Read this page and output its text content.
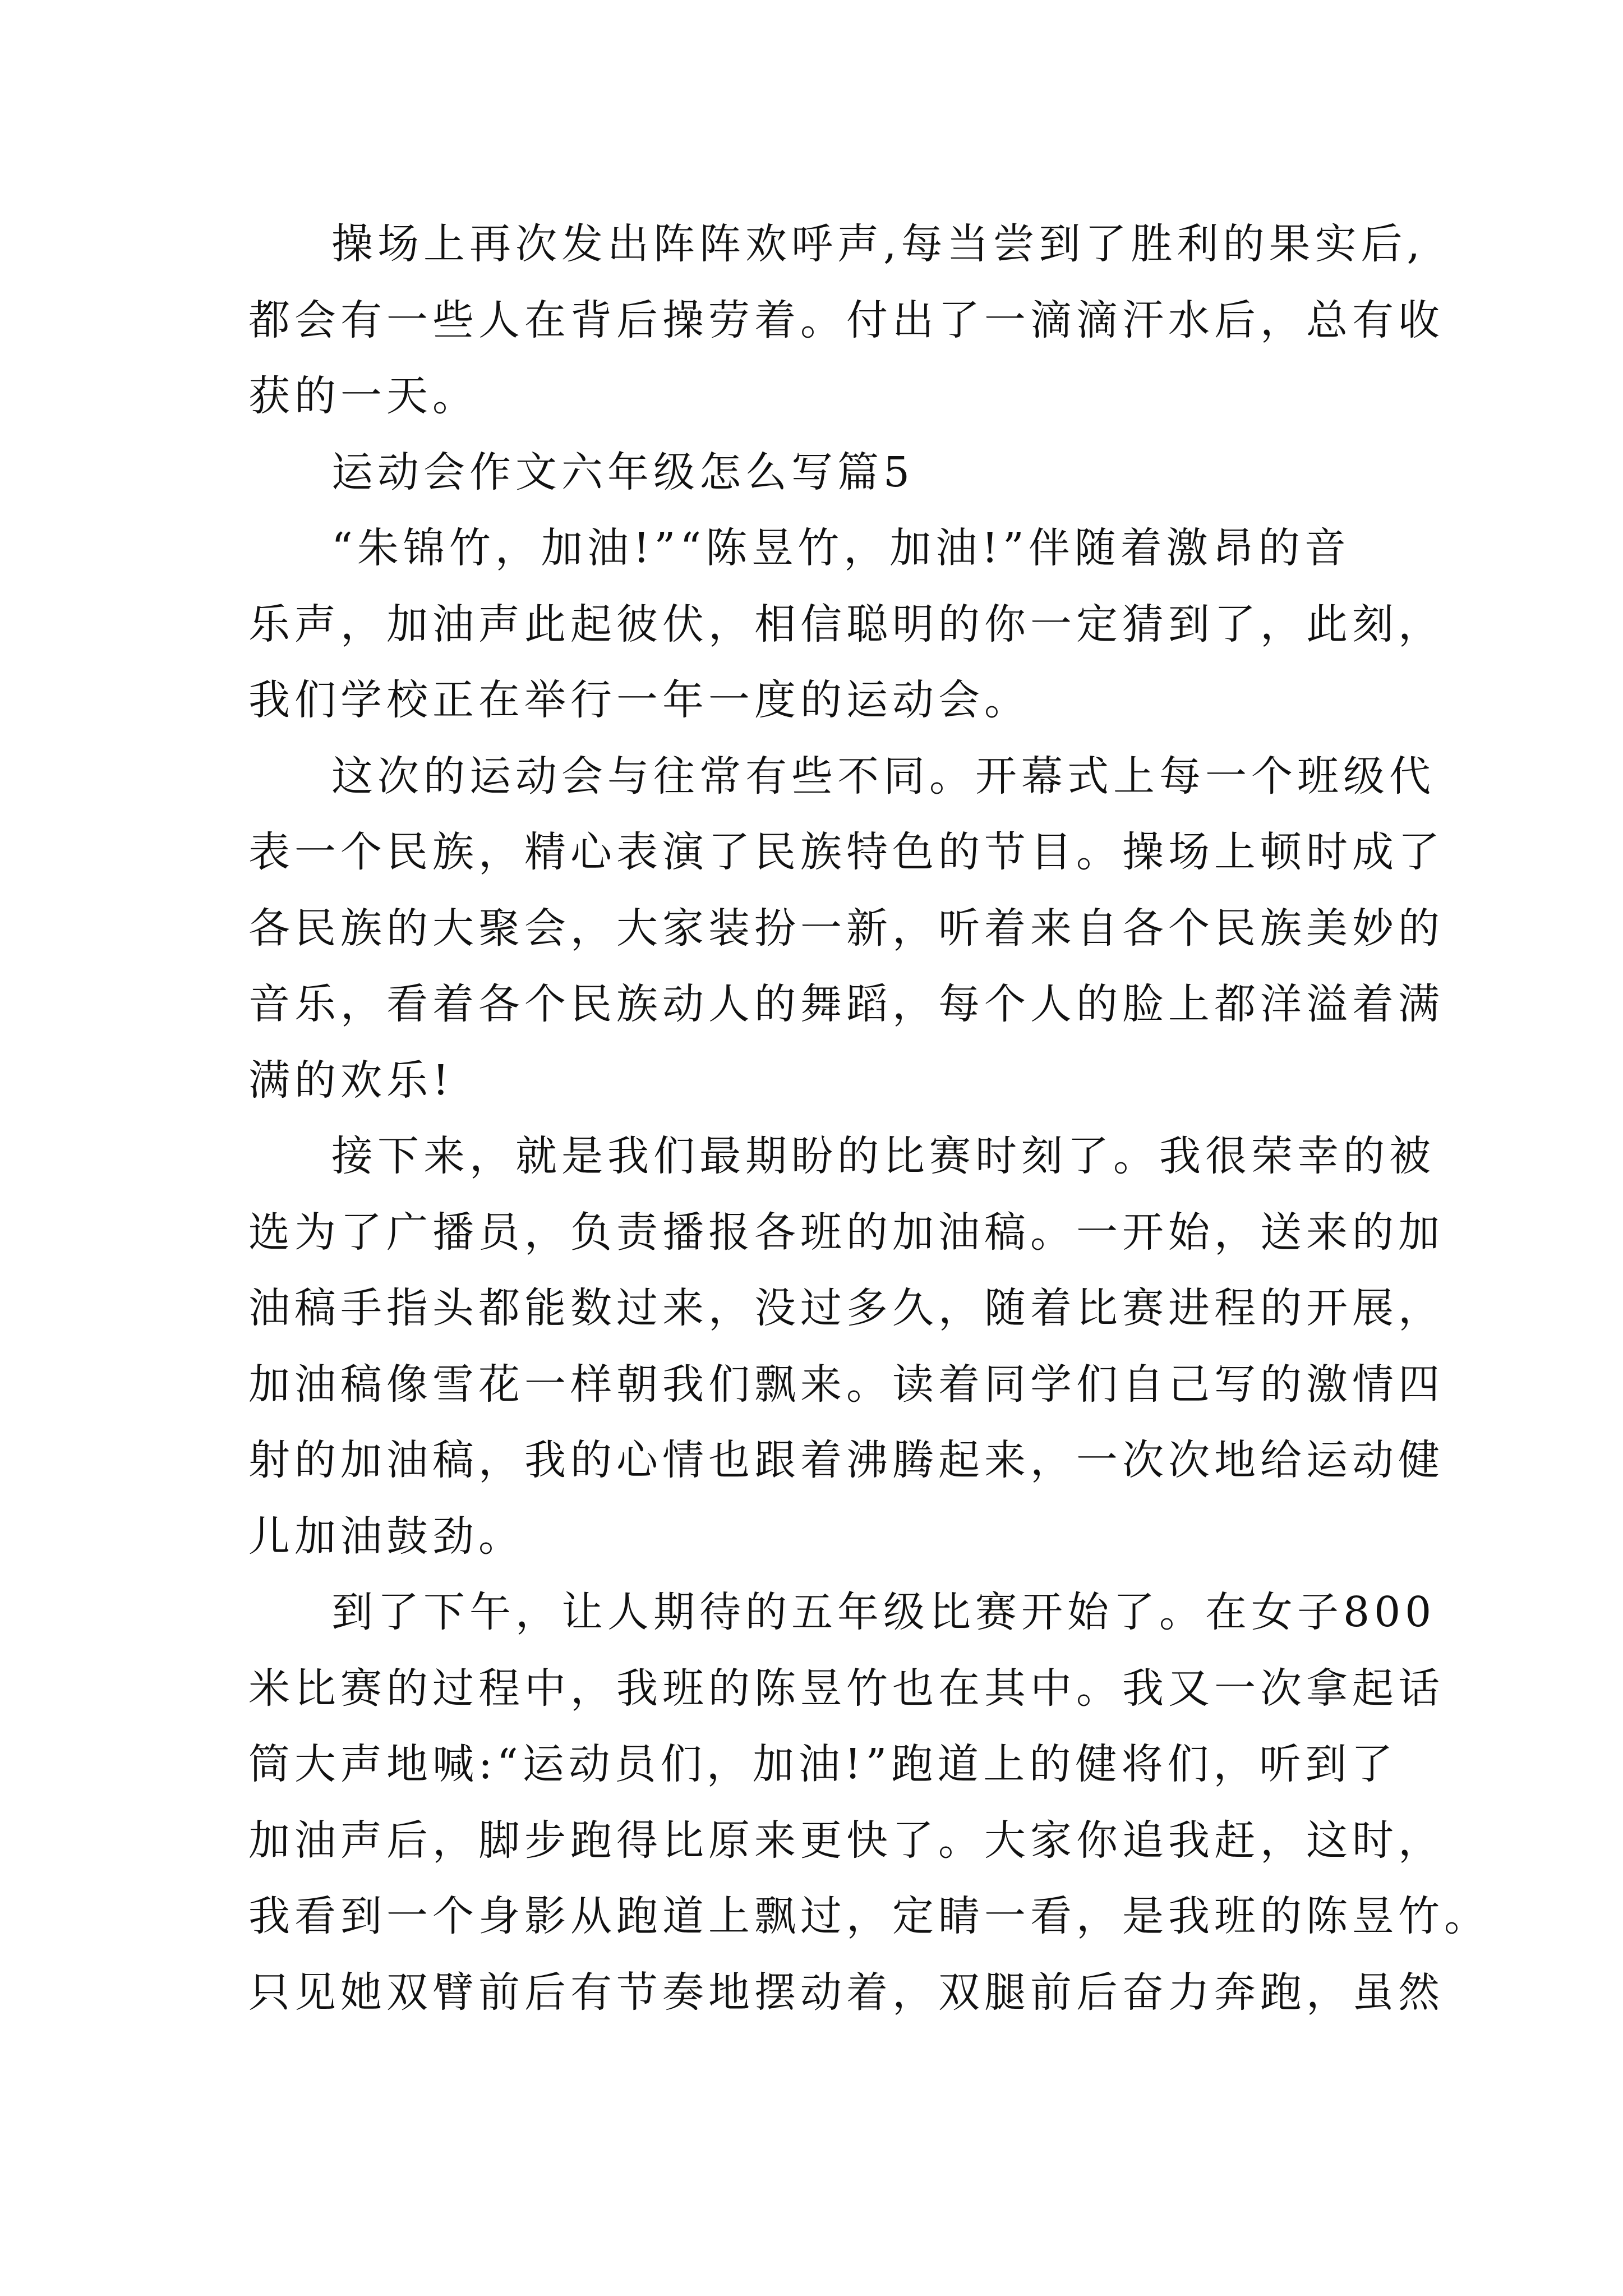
操场上再次发出阵阵欢呼声,每当尝到了胜利的果实后,
都会有一些人在背后操劳着。付出了一滴滴汗水后，总有收
获的一天。

运动会作文六年级怎么写篇5

“朱锦竹，加油!”“陈昱竹，加油!”伴随着激昂的音
乐声，加油声此起彼伏，相信聪明的你一定猜到了，此刻，
我们学校正在举行一年一度的运动会。

这次的运动会与往常有些不同。开幕式上每一个班级代
表一个民族，精心表演了民族特色的节目。操场上顿时成了
各民族的大聚会，大家装扮一新，听着来自各个民族美妙的
音乐，看着各个民族动人的舞蹈，每个人的脸上都洋溢着满
满的欢乐!

接下来，就是我们最期盼的比赛时刻了。我很荣幸的被
选为了广播员，负责播报各班的加油稿。一开始，送来的加
油稿手指头都能数过来，没过多久，随着比赛进程的开展，
加油稿像雪花一样朝我们飘来。读着同学们自己写的激情四
射的加油稿，我的心情也跟着沸腾起来，一次次地给运动健
儿加油鼓劲。

到了下午，让人期待的五年级比赛开始了。在女子800
米比赛的过程中，我班的陈昱竹也在其中。我又一次拿起话
筒大声地喊:“运动员们，加油!”跑道上的健将们，听到了
加油声后，脚步跑得比原来更快了。大家你追我赶，这时，
我看到一个身影从跑道上飘过，定睛一看，是我班的陈昱竹。
只见她双臂前后有节奏地摆动着，双腿前后奋力奔跑，虽然
